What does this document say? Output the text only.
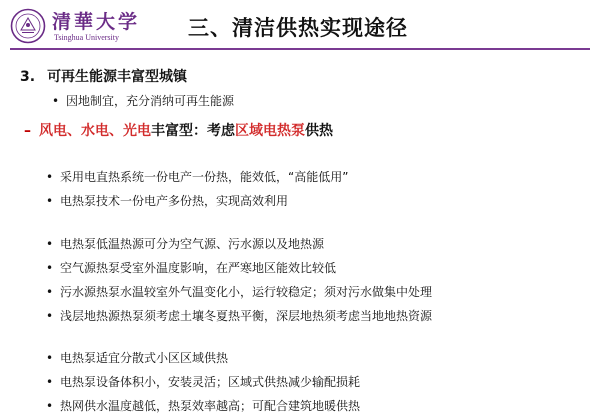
清華大学
Tsinghua University	三、清洁供热实现途径
3. 可再生能源丰富型城镇
• 因地制宜，充分消纳可再生能源
– 风电、水电、光电丰富型：考虑区域电热泵供热
• 采用电直热系统一份电产一份热，能效低，“高能低用”
• 电热泵技术一份电产多份热，实现高效利用
• 电热泵低温热源可分为空气源、污水源以及地热源
• 空气源热泵受室外温度影响，在严寒地区能效比较低
• 污水源热泵水温较室外气温变化小，运行较稳定；须对污水做集中处理
• 浅层地热源热泵须考虑土壤冬夏热平衡，深层地热须考虑当地地热资源
• 电热泵适宜分散式小区区域供热
• 电热泵设备体积小，安装灵活；区域式供热减少输配损耗
• 热网供水温度越低，热泵效率越高；可配合建筑地暖供热
